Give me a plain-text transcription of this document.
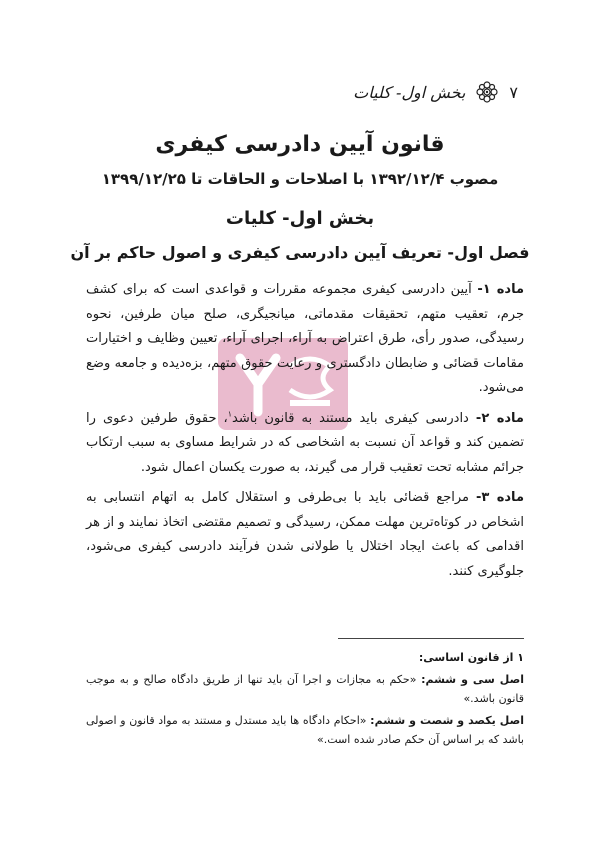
۷
بخش اول- کلیات
قانون آیین دادرسی کیفری
مصوب ۱۳۹۲/۱۲/۴ با اصلاحات و الحاقات تا ۱۳۹۹/۱۲/۲۵
بخش اول- کلیات
فصل اول- تعریف آیین دادرسی کیفری و اصول حاکم بر آن

ماده ۱- آیین دادرسی کیفری مجموعه مقررات و قواعدی است که برای کشف جرم، تعقیب متهم، تحقیقات مقدماتی، میانجیگری، صلح میان طرفین، نحوه رسیدگی، صدور رأی، طرق اعتراض به آراء، اجرای آراء، تعیین وظایف و اختیارات مقامات قضائی و ضابطان دادگستری و رعایت حقوق متهم، بزه‌دیده و جامعه وضع می‌شود.

ماده ۲- دادرسی کیفری باید مستند به قانون باشد$^۱$، حقوق طرفین دعوی را تضمین کند و قواعد آن نسبت به اشخاصی که در شرایط مساوی به سبب ارتکاب جرائم مشابه تحت تعقیب قرار می گیرند، به صورت یکسان اعمال شود.

ماده ۳- مراجع قضائی باید با بی‌طرفی و استقلال کامل به اتهام انتسابی به اشخاص در کوتاه‌ترین مهلت ممکن، رسیدگی و تصمیم مقتضی اتخاذ نمایند و از هر اقدامی که باعث ایجاد اختلال یا طولانی شدن فرآیند دادرسی کیفری می‌شود، جلوگیری کنند.

۱ از قانون اساسی:

اصل سی و ششم: «حکم به مجازات و اجرا آن باید تنها از طریق دادگاه صالح و به موجب قانون باشد.»

اصل یکصد و شصت و ششم: «احکام دادگاه ها باید مستدل و مستند به مواد قانون و اصولی باشد که بر اساس آن حکم صادر شده است.»
